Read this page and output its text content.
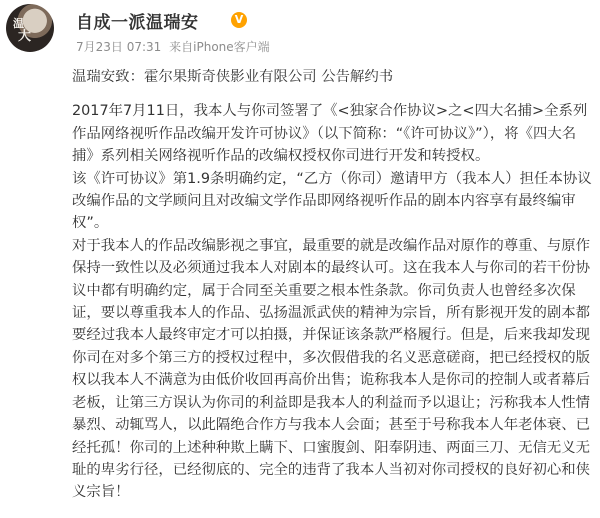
温
大
自成一派温瑞安	V
7月23日 07:31 来自iPhone客户端

温瑞安致：霍尔果斯奇侠影业有限公司 公告解约书

2017年7月11日，我本人与你司签署了《<独家合作协议>之<四大名捕>全系列作品网络视听作品改编开发许可协议》（以下简称：“《许可协议》”），将《四大名捕》系列相关网络视听作品的改编权授权你司进行开发和转授权。

该《许可协议》第1.9条明确约定，“乙方（你司）邀请甲方（我本人）担任本协议改编作品的文学顾问且对改编文学作品即网络视听作品的剧本内容享有最终编审权”。

对于我本人的作品改编影视之事宜，最重要的就是改编作品对原作的尊重、与原作保持一致性以及必须通过我本人对剧本的最终认可。这在我本人与你司的若干份协议中都有明确约定，属于合同至关重要之根本性条款。你司负责人也曾经多次保证，要以尊重我本人的作品、弘扬温派武侠的精神为宗旨，所有影视开发的剧本都要经过我本人最终审定才可以拍摄，并保证该条款严格履行。但是，后来我却发现你司在对多个第三方的授权过程中，多次假借我的名义恶意磋商，把已经授权的版权以我本人不满意为由低价收回再高价出售；诡称我本人是你司的控制人或者幕后老板，让第三方误认为你司的利益即是我本人的利益而予以退让；污称我本人性情暴烈、动辄骂人，以此隔绝合作方与我本人会面；甚至于号称我本人年老体衰、已经托孤！你司的上述种种欺上瞒下、口蜜腹剑、阳奉阴违、两面三刀、无信无义无耻的卑劣行径，已经彻底的、完全的违背了我本人当初对你司授权的良好初心和侠义宗旨！
